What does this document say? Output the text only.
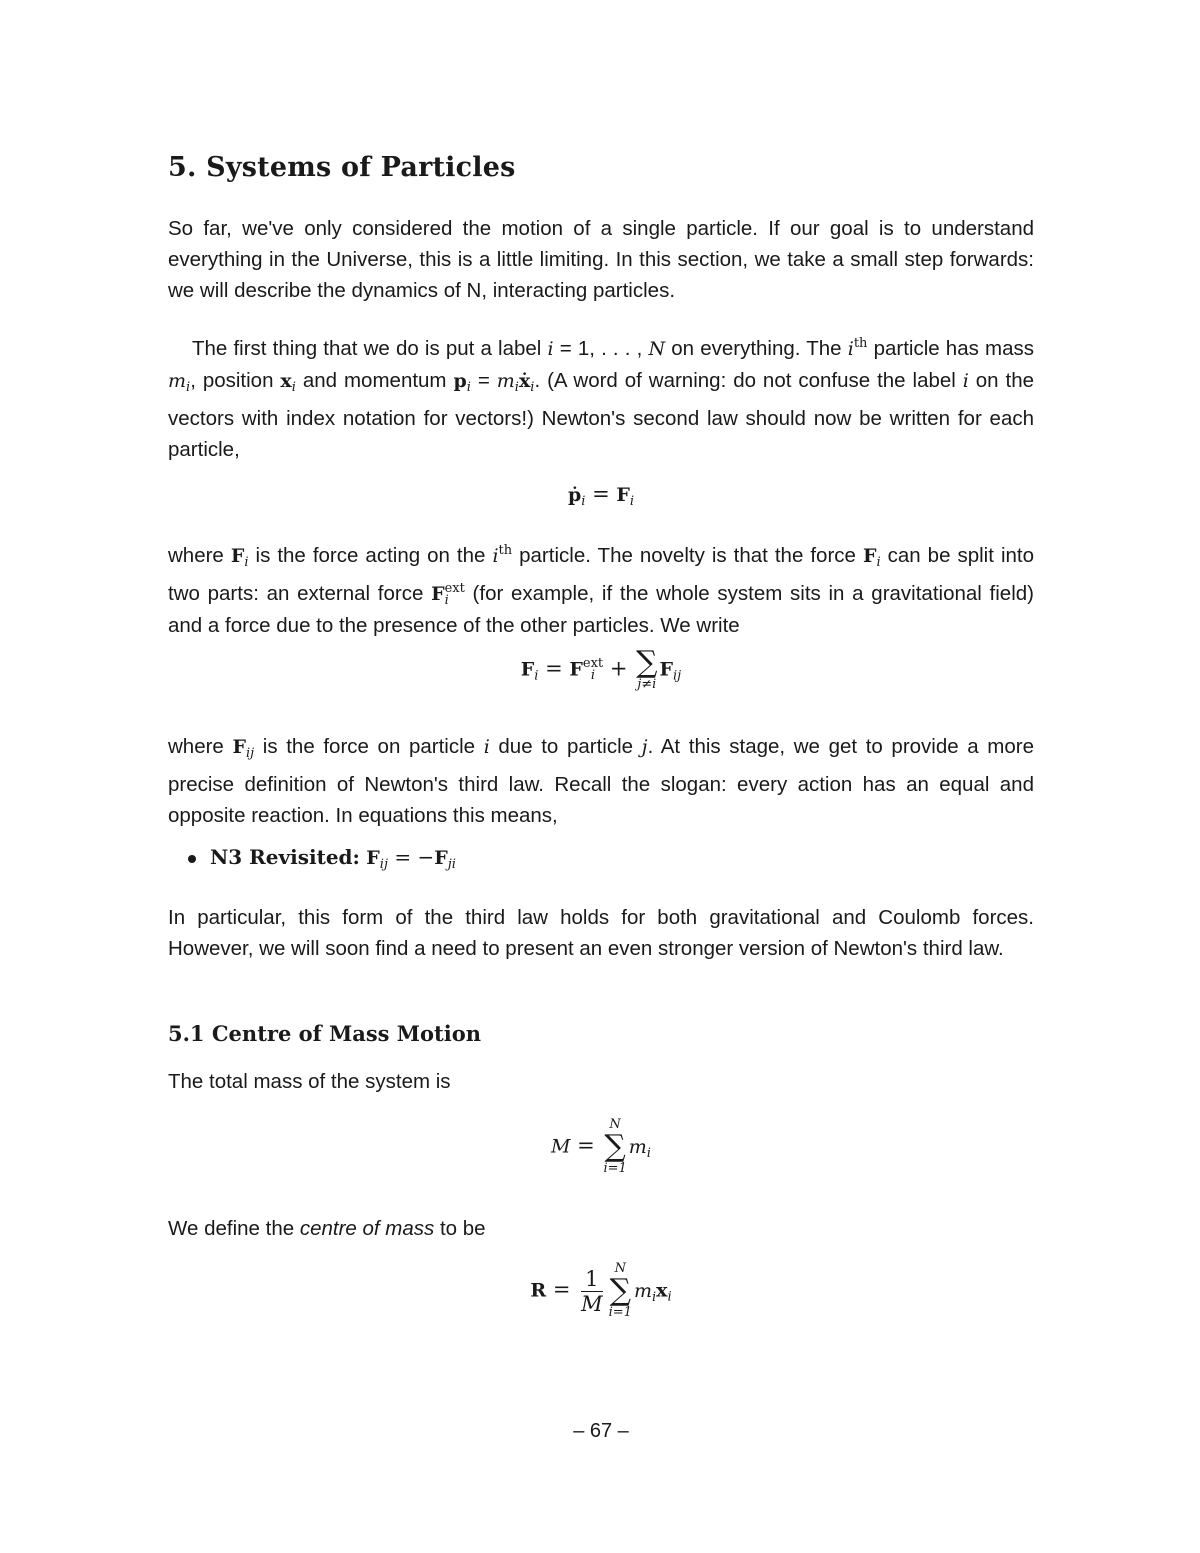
5. Systems of Particles

So far, we've only considered the motion of a single particle. If our goal is to understand everything in the Universe, this is a little limiting. In this section, we take a small step forwards: we will describe the dynamics of N, interacting particles.

The first thing that we do is put a label i = 1, . . . , N on everything. The $i^{th}$ particle has mass $m_i$, position xi and momentum pi = $m_iẋi$. (A word of warning: do not confuse the label i on the vectors with index notation for vectors!) Newton's second law should now be written for each particle,

ṗi = Fi

where Fi is the force acting on the $i^{th}$ particle. The novelty is that the force Fi can be split into two parts: an external force F ext
i (for example, if the whole system sits in a gravitational field) and a force due to the presence of the other particles. We write

Fi = F ext
i + ∑
j≠i
Fij

where Fij is the force on particle i due to particle j. At this stage, we get to provide a more precise definition of Newton's third law. Recall the slogan: every action has an equal and opposite reaction. In equations this means,

N3 Revisited: $F_{ij} = -F_{ji}$

In particular, this form of the third law holds for both gravitational and Coulomb forces. However, we will soon find a need to present an even stronger version of Newton's third law.

5.1 Centre of Mass Motion

The total mass of the system is

M =
N
∑
i=1
$m_i$

We define the centre of mass to be

$R = \frac{1}{M}$ N
∑
i=1
$m_ixi$
– 67 –
